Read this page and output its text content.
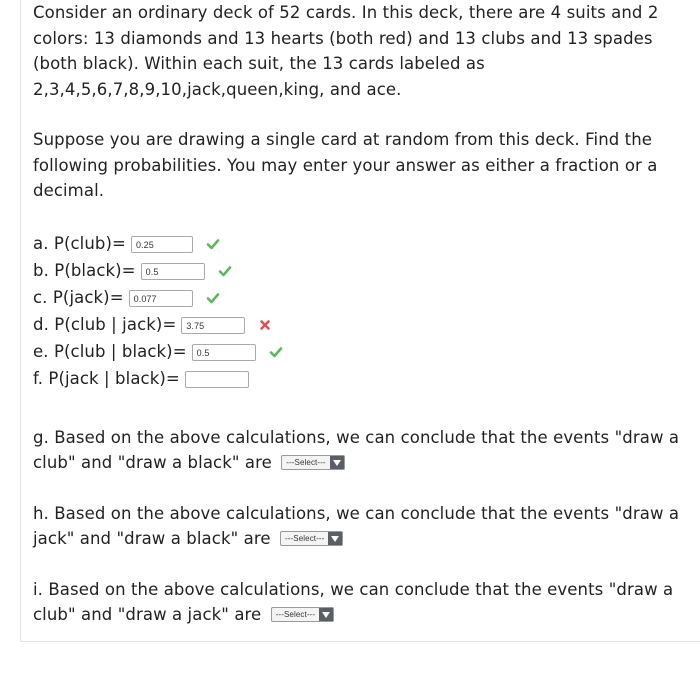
Consider an ordinary deck of 52 cards. In this deck, there are 4 suits and 2 colors: 13 diamonds and 13 hearts (both red) and 13 clubs and 13 spades (both black). Within each suit, the 13 cards labeled as 2,3,4,5,6,7,8,9,10,jack,queen,king, and ace.

Suppose you are drawing a single card at random from this deck. Find the following probabilities. You may enter your answer as either a fraction or a decimal.

a. P(club)=	0.25
b. P(black)=	0.5
c. P(jack)=	0.077
d. P(club | jack)=	3.75
e. P(club | black)=	0.5
f. P(jack | black)=

g. Based on the above calculations, we can conclude that the events "draw a club" and "draw a black" are	---Select---

h. Based on the above calculations, we can conclude that the events "draw a jack" and "draw a black" are	---Select---

i. Based on the above calculations, we can conclude that the events "draw a club" and "draw a jack" are	---Select---
